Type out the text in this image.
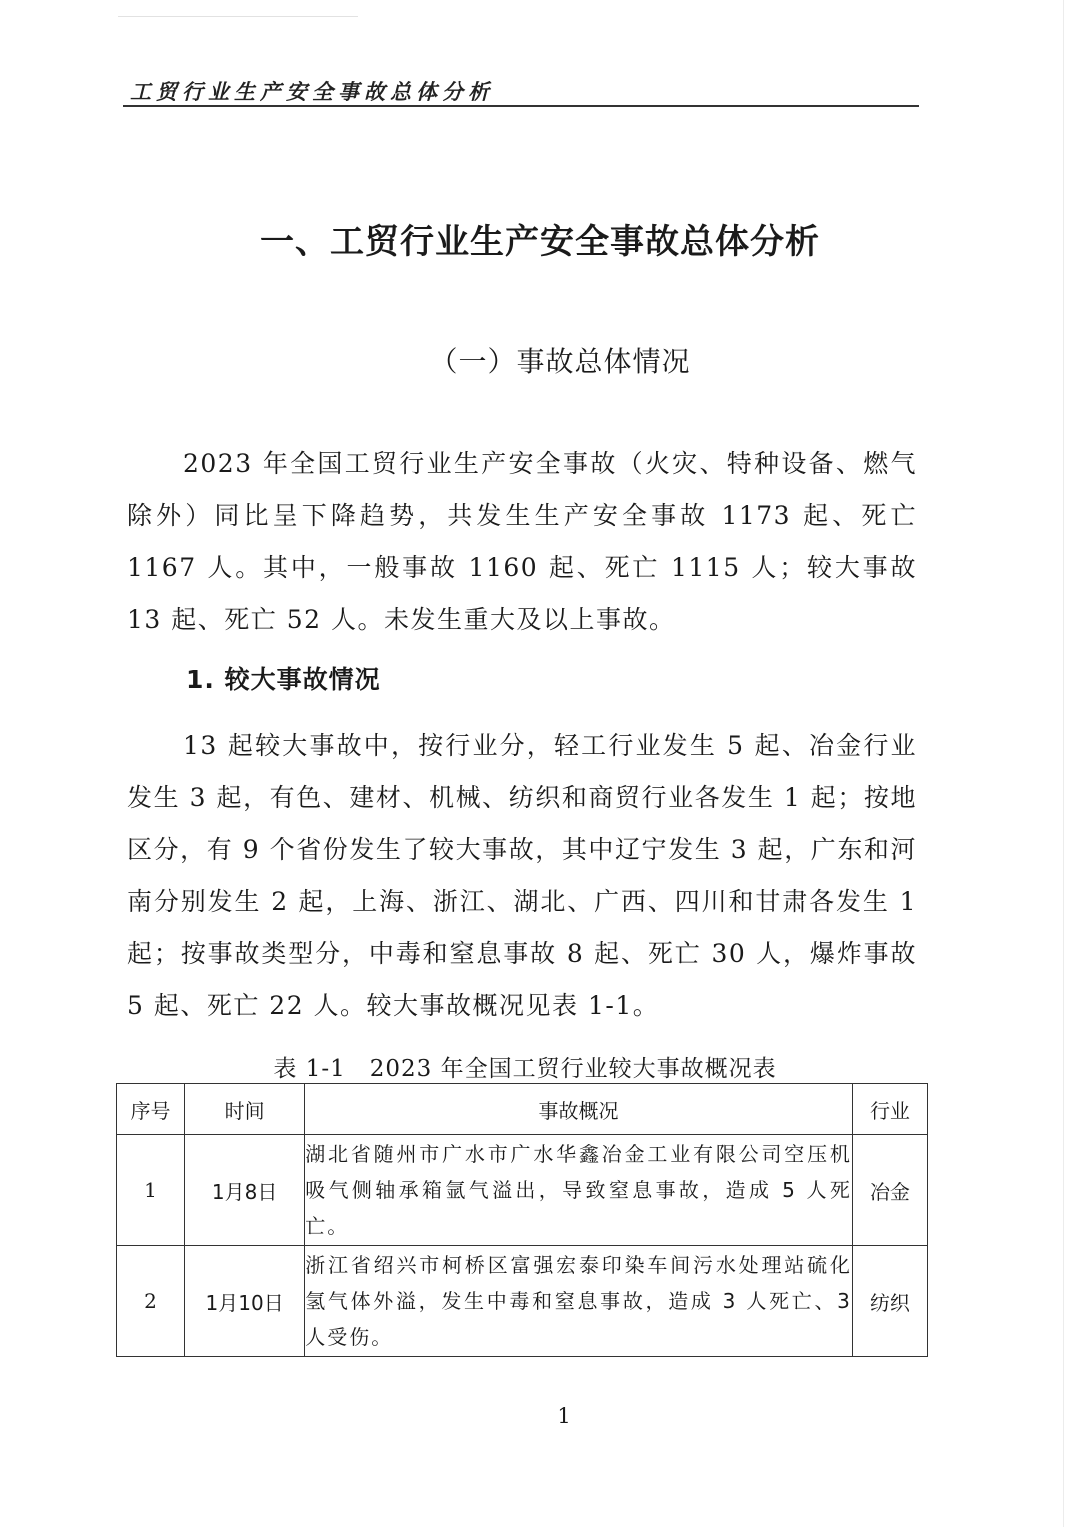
工贸行业生产安全事故总体分析
一、工贸行业生产安全事故总体分析
（一）事故总体情况

2023 年全国工贸行业生产安全事故（火灾、特种设备、燃气除外）同比呈下降趋势，共发生生产安全事故 1173 起、死亡 1167 人。其中，一般事故 1160 起、死亡 1115 人；较大事故 13 起、死亡 52 人。未发生重大及以上事故。

1. 较大事故情况

13 起较大事故中，按行业分，轻工行业发生 5 起、冶金行业发生 3 起，有色、建材、机械、纺织和商贸行业各发生 1 起；按地区分，有 9 个省份发生了较大事故，其中辽宁发生 3 起，广东和河南分别发生 2 起，上海、浙江、湖北、广西、四川和甘肃各发生 1 起；按事故类型分，中毒和窒息事故 8 起、死亡 30 人，爆炸事故 5 起、死亡 22 人。较大事故概况见表 1-1。

表 1-1　2023 年全国工贸行业较大事故概况表
序号	时间	事故概况	行业
1	1月8日	湖北省随州市广水市广水华鑫冶金工业有限公司空压机吸气侧轴承箱氩气溢出，导致窒息事故，造成 5 人死亡。	冶金
2	1月10日	浙江省绍兴市柯桥区富强宏泰印染车间污水处理站硫化氢气体外溢，发生中毒和窒息事故，造成 3 人死亡、3 人受伤。	纺织
1
